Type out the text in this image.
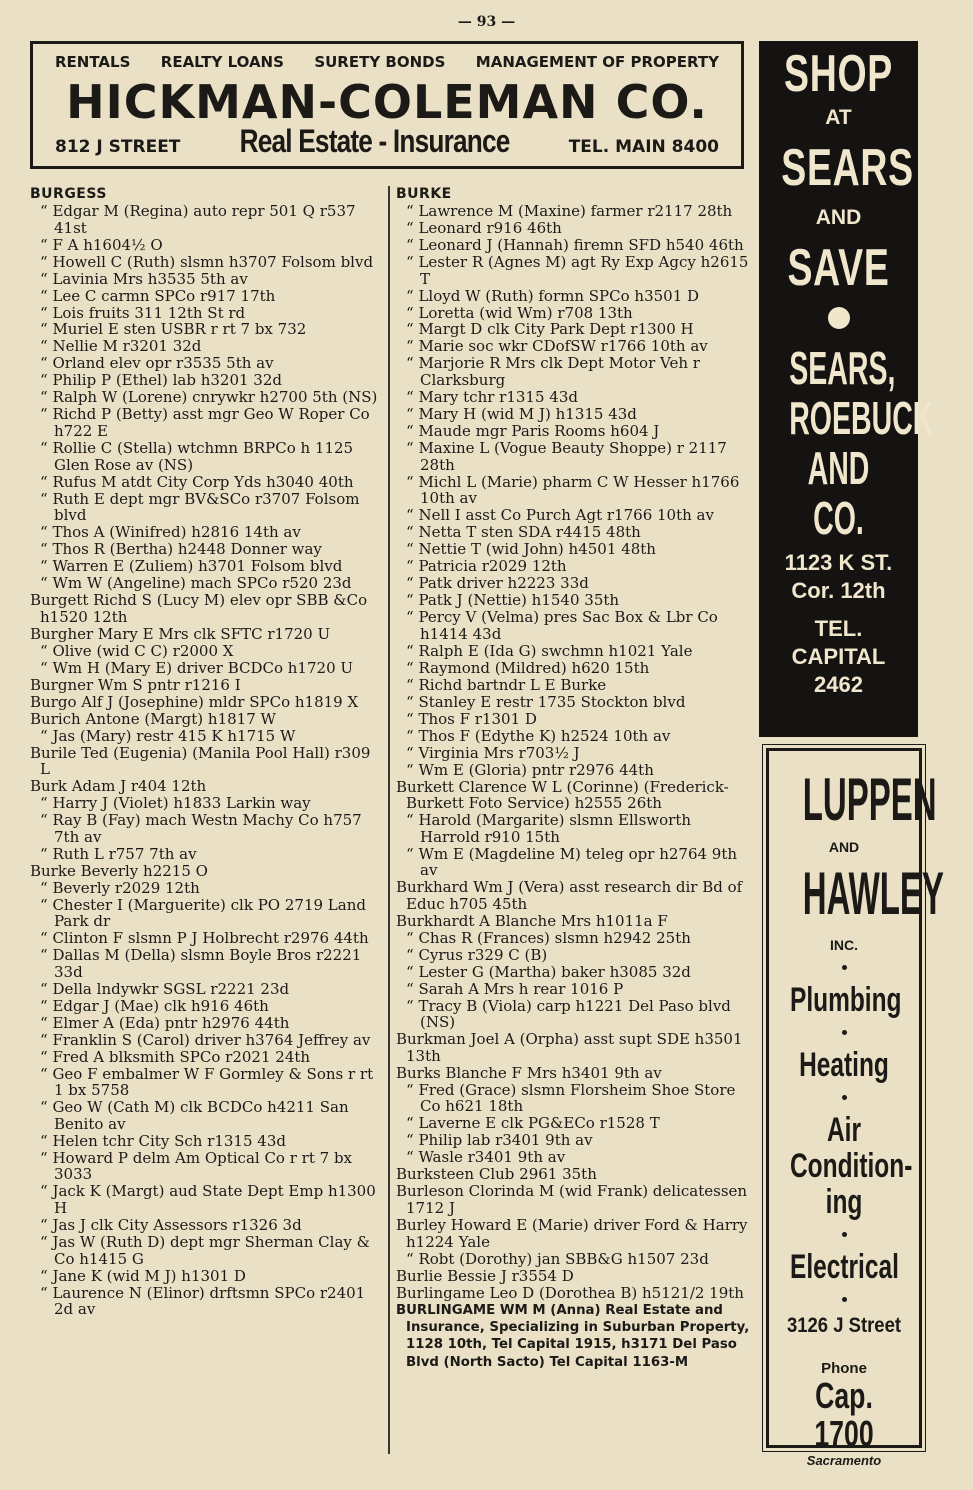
— 93 —
RENTALS REALTY LOANS SURETY BONDS MANAGEMENT OF PROPERTY
HICKMAN-COLEMAN CO.
812 J STREET Real Estate - Insurance	TEL. MAIN 8400
BURGESS
“ Edgar M (Regina) auto repr 501 Q r537 41st
“ F A h1604½ O
“ Howell C (Ruth) slsmn h3707 Folsom blvd
“ Lavinia Mrs h3535 5th av
“ Lee C carmn SPCo r917 17th
“ Lois fruits 311 12th St rd
“ Muriel E sten USBR r rt 7 bx 732
“ Nellie M r3201 32d
“ Orland elev opr r3535 5th av
“ Philip P (Ethel) lab h3201 32d
“ Ralph W (Lorene) cnrywkr h2700 5th (NS)
“ Richd P (Betty) asst mgr Geo W Roper Co h722 E
“ Rollie C (Stella) wtchmn BRPCo h 1125 Glen Rose av (NS)
“ Rufus M atdt City Corp Yds h3040 40th
“ Ruth E dept mgr BV&SCo r3707 Folsom blvd
“ Thos A (Winifred) h2816 14th av
“ Thos R (Bertha) h2448 Donner way
“ Warren E (Zuliem) h3701 Folsom blvd
“ Wm W (Angeline) mach SPCo r520 23d
Burgett Richd S (Lucy M) elev opr SBB &Co h1520 12th
Burgher Mary E Mrs clk SFTC r1720 U
“ Olive (wid C C) r2000 X
“ Wm H (Mary E) driver BCDCo h1720 U
Burgner Wm S pntr r1216 I
Burgo Alf J (Josephine) mldr SPCo h1819 X
Burich Antone (Margt) h1817 W
“ Jas (Mary) restr 415 K h1715 W
Burile Ted (Eugenia) (Manila Pool Hall) r309 L
Burk Adam J r404 12th
“ Harry J (Violet) h1833 Larkin way
“ Ray B (Fay) mach Westn Machy Co h757 7th av
“ Ruth L r757 7th av
Burke Beverly h2215 O
“ Beverly r2029 12th
“ Chester I (Marguerite) clk PO 2719 Land Park dr
“ Clinton F slsmn P J Holbrecht r2976 44th
“ Dallas M (Della) slsmn Boyle Bros r2221 33d
“ Della lndywkr SGSL r2221 23d
“ Edgar J (Mae) clk h916 46th
“ Elmer A (Eda) pntr h2976 44th
“ Franklin S (Carol) driver h3764 Jeffrey av
“ Fred A blksmith SPCo r2021 24th
“ Geo F embalmer W F Gormley & Sons r rt 1 bx 5758
“ Geo W (Cath M) clk BCDCo h4211 San Benito av
“ Helen tchr City Sch r1315 43d
“ Howard P delm Am Optical Co r rt 7 bx 3033
“ Jack K (Margt) aud State Dept Emp h1300 H
“ Jas J clk City Assessors r1326 3d
“ Jas W (Ruth D) dept mgr Sherman Clay & Co h1415 G
“ Jane K (wid M J) h1301 D
“ Laurence N (Elinor) drftsmn SPCo r2401 2d av
BURKE
“ Lawrence M (Maxine) farmer r2117 28th
“ Leonard r916 46th
“ Leonard J (Hannah) firemn SFD h540 46th
“ Lester R (Agnes M) agt Ry Exp Agcy h2615 T
“ Lloyd W (Ruth) formn SPCo h3501 D
“ Loretta (wid Wm) r708 13th
“ Margt D clk City Park Dept r1300 H
“ Marie soc wkr CDofSW r1766 10th av
“ Marjorie R Mrs clk Dept Motor Veh r Clarksburg
“ Mary tchr r1315 43d
“ Mary H (wid M J) h1315 43d
“ Maude mgr Paris Rooms h604 J
“ Maxine L (Vogue Beauty Shoppe) r 2117 28th
“ Michl L (Marie) pharm C W Hesser h1766 10th av
“ Nell I asst Co Purch Agt r1766 10th av
“ Netta T sten SDA r4415 48th
“ Nettie T (wid John) h4501 48th
“ Patricia r2029 12th
“ Patk driver h2223 33d
“ Patk J (Nettie) h1540 35th
“ Percy V (Velma) pres Sac Box & Lbr Co h1414 43d
“ Ralph E (Ida G) swchmn h1021 Yale
“ Raymond (Mildred) h620 15th
“ Richd bartndr L E Burke
“ Stanley E restr 1735 Stockton blvd
“ Thos F r1301 D
“ Thos F (Edythe K) h2524 10th av
“ Virginia Mrs r703½ J
“ Wm E (Gloria) pntr r2976 44th
Burkett Clarence W L (Corinne) (Frederick-Burkett Foto Service) h2555 26th
“ Harold (Margarite) slsmn Ellsworth Harrold r910 15th
“ Wm E (Magdeline M) teleg opr h2764 9th av
Burkhard Wm J (Vera) asst research dir Bd of Educ h705 45th
Burkhardt A Blanche Mrs h1011a F
“ Chas R (Frances) slsmn h2942 25th
“ Cyrus r329 C (B)
“ Lester G (Martha) baker h3085 32d
“ Sarah A Mrs h rear 1016 P
“ Tracy B (Viola) carp h1221 Del Paso blvd (NS)
Burkman Joel A (Orpha) asst supt SDE h3501 13th
Burks Blanche F Mrs h3401 9th av
“ Fred (Grace) slsmn Florsheim Shoe Store Co h621 18th
“ Laverne E clk PG&ECo r1528 T
“ Philip lab r3401 9th av
“ Wasle r3401 9th av
Burksteen Club 2961 35th
Burleson Clorinda M (wid Frank) delicatessen 1712 J
Burley Howard E (Marie) driver Ford & Harry h1224 Yale
“ Robt (Dorothy) jan SBB&G h1507 23d
Burlie Bessie J r3554 D
Burlingame Leo D (Dorothea B) h5121/2 19th
BURLINGAME WM M (Anna) Real Estate and Insurance, Specializing in Suburban Property, 1128 10th, Tel Capital 1915, h3171 Del Paso Blvd (North Sacto) Tel Capital 1163-M
SHOP
AT
SEARS
AND
SAVE
SEARS,
ROEBUCK
AND CO.
1123 K ST.
Cor. 12th
TEL.
CAPITAL
2462
LUPPEN
AND
HAWLEY
INC.
Plumbing
Heating
Air Condition-ing
Electrical
3126 J Street
Phone
Cap. 1700
Sacramento
